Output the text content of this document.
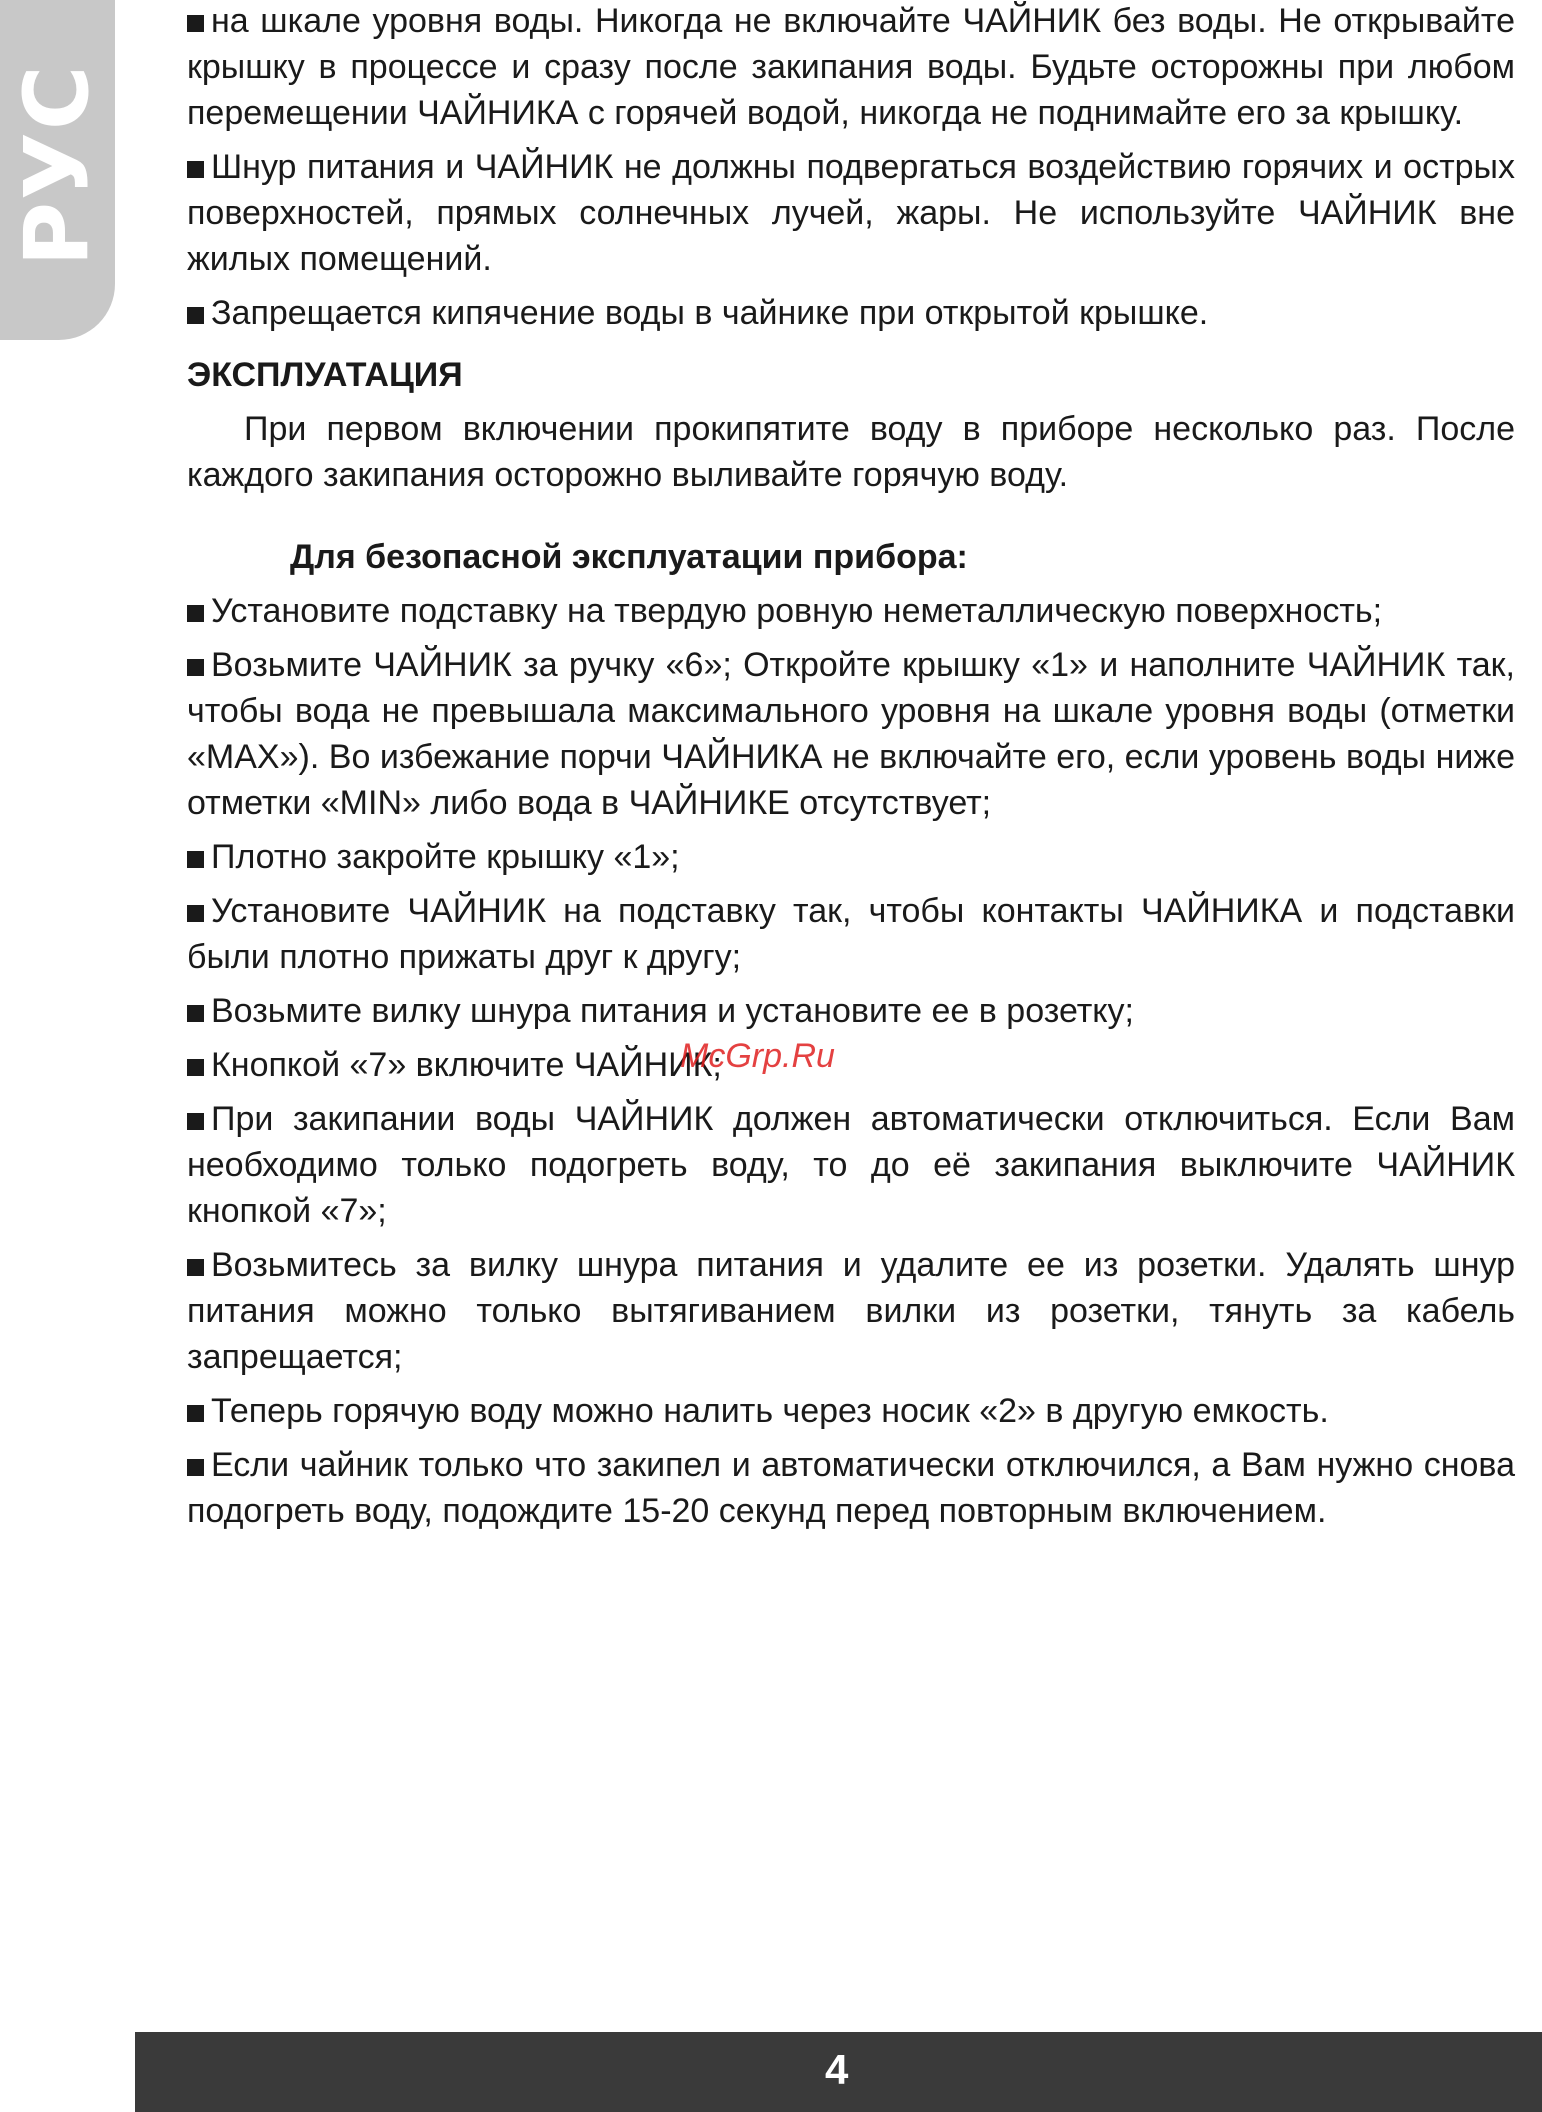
РУС

на шкале уровня воды. Никогда не включайте ЧАЙНИК без воды. Не открывайте крышку в процессе и сразу после закипания воды. Будьте осторожны при любом перемещении ЧАЙНИКА с горячей водой, никогда не поднимайте его за крышку.

Шнур питания и ЧАЙНИК не должны подвергаться воздействию горячих и острых поверхностей, прямых солнечных лучей, жары. Не используйте ЧАЙНИК вне жилых помещений.

Запрещается кипячение воды в чайнике при открытой крышке.

ЭКСПЛУАТАЦИЯ

При первом включении прокипятите воду в приборе несколько раз. После каждого закипания осторожно выливайте горячую воду.

Для безопасной эксплуатации прибора:

Установите подставку на твердую ровную неметаллическую поверхность;

Возьмите ЧАЙНИК за ручку «6»; Откройте крышку «1» и наполните ЧАЙНИК так, чтобы вода не превышала максимального уровня на шкале уровня воды (отметки «MAX»). Во избежание порчи ЧАЙНИКА не включайте его, если уровень воды ниже отметки «MIN» либо вода в ЧАЙНИКЕ отсутствует;

Плотно закройте крышку «1»;

Установите ЧАЙНИК на подставку так, чтобы контакты ЧАЙНИКА и подставки были плотно прижаты друг к другу;

Возьмите вилку шнура питания и установите ее в розетку;

Кнопкой «7» включите ЧАЙНИК;

При закипании воды ЧАЙНИК должен автоматически отключиться. Если Вам необходимо только подогреть воду, то до её закипания выключите ЧАЙНИК кнопкой «7»;

Возьмитесь за вилку шнура питания и удалите ее из розетки. Удалять шнур питания можно только вытягиванием вилки из розетки, тянуть за кабель запрещается;

Теперь горячую воду можно налить через носик «2» в другую емкость.

Если чайник только что закипел и автоматически отключился, а Вам нужно снова подогреть воду, подождите 15-20 секунд перед повторным включением.

McGrp.Ru
4
